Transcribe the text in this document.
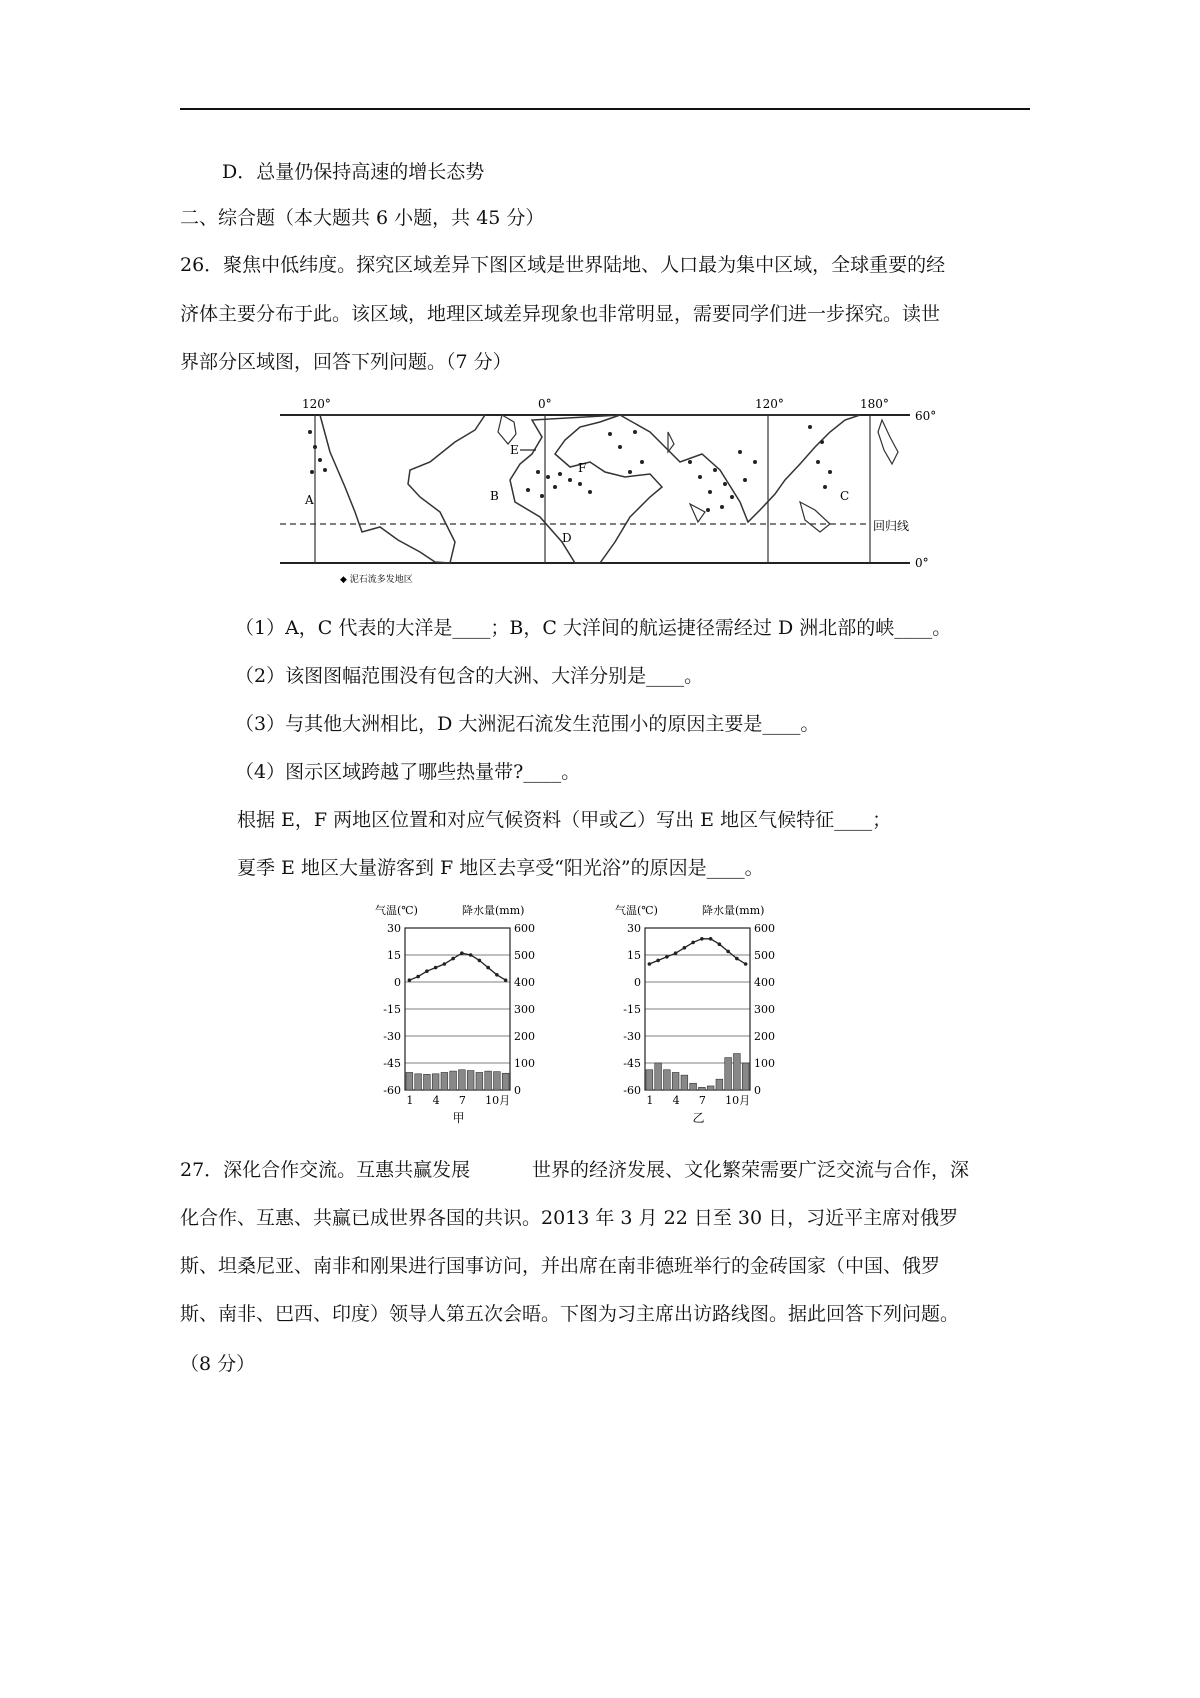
D．总量仍保持高速的增长态势
二、综合题（本大题共 6 小题，共 45 分）
26．聚焦中低纬度。探究区域差异下图区域是世界陆地、人口最为集中区域，全球重要的经
济体主要分布于此。该区域，地理区域差异现象也非常明显，需要同学们进一步探究。读世
界部分区域图，回答下列问题。（7 分）
120°	0°	120°	180°
60°
0°
回归线
A	B	C
D
E
F
◆ 泥石流多发地区
（1）A，C 代表的大洋是____；B，C 大洋间的航运捷径需经过 D 洲北部的峡____。
（2）该图图幅范围没有包含的大洲、大洋分别是____。
（3）与其他大洲相比，D 大洲泥石流发生范围小的原因主要是____。
（4）图示区域跨越了哪些热量带?____。
根据 E，F 两地区位置和对应气候资料（甲或乙）写出 E 地区气候特征____；
夏季 E 地区大量游客到 F 地区去享受“阳光浴”的原因是____。
气温(℃)	降水量(mm)
30	600
15	500
0	400
-15	300
-30	200
-45	100
-60	0
1 4 7 10月
甲
气温(℃)	降水量(mm)
30	600
15	500
0	400
-15	300
-30	200
-45	100
-60	0
1 4 7 10月
乙
27．深化合作交流。互惠共赢发展	世界的经济发展、文化繁荣需要广泛交流与合作，深
化合作、互惠、共赢已成世界各国的共识。2013 年 3 月 22 日至 30 日，习近平主席对俄罗
斯、坦桑尼亚、南非和刚果进行国事访问，并出席在南非德班举行的金砖国家（中国、俄罗
斯、南非、巴西、印度）领导人第五次会晤。下图为习主席出访路线图。据此回答下列问题。
（8 分）
